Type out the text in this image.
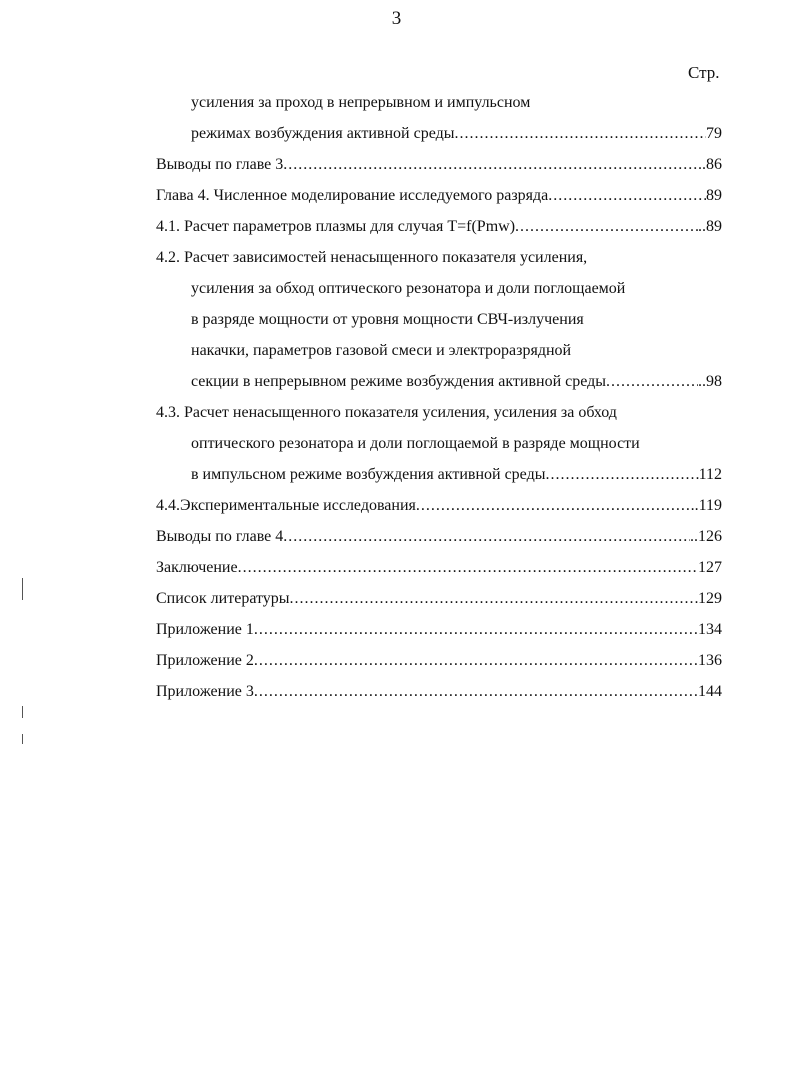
3
Стр.
усиления за проход в непрерывном и импульсном
режимах возбуждения активной среды .....	79
Выводы по главе 3 .....	..86
Глава 4. Численное моделирование исследуемого разряда .....	89
4.1. Расчет параметров плазмы для случая T=f(Pmw) .....	..89
4.2. Расчет зависимостей ненасыщенного показателя усиления,
усиления за обход оптического резонатора и доли поглощаемой
в разряде мощности от уровня мощности СВЧ-излучения
накачки, параметров газовой смеси и электроразрядной
секции в непрерывном режиме возбуждения активной среды .....	..98
4.3. Расчет ненасыщенного показателя усиления, усиления за обход
оптического резонатора и доли поглощаемой в разряде мощности
в импульсном режиме возбуждения активной среды .....	112
4.4.Экспериментальные исследования .....	..119
Выводы по главе 4 .....	..126
Заключение .....	127
Список литературы .....	129
Приложение 1 .....	134
Приложение 2 .....	136
Приложение 3 .....	144
